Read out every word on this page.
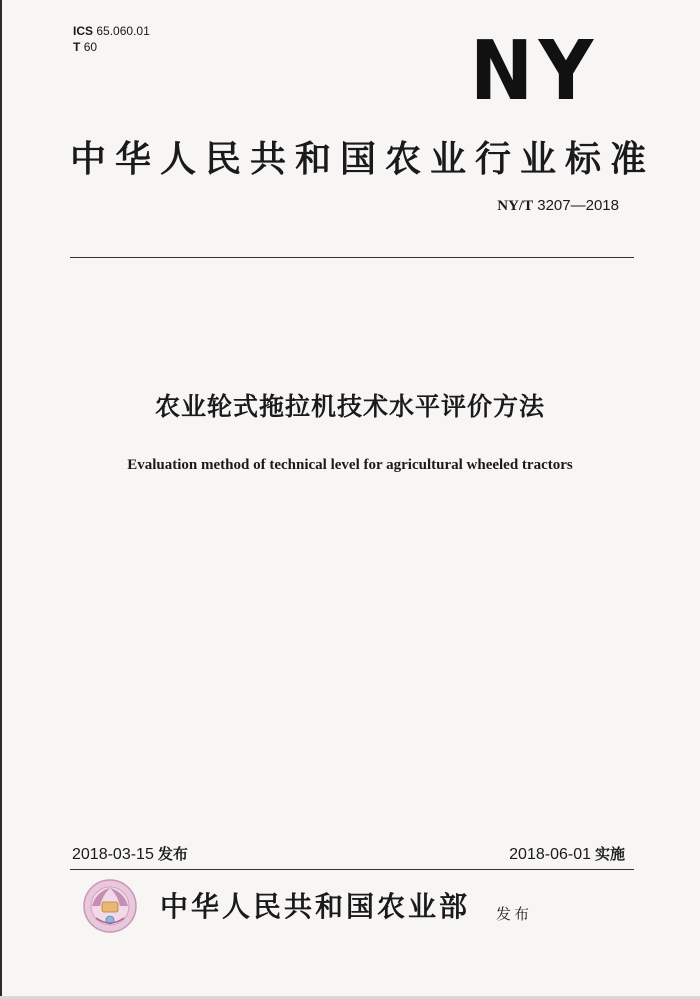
ICS 65.060.01
T 60	NY
中华人民共和国农业行业标准
NY/T 3207—2018
农业轮式拖拉机技术水平评价方法
Evaluation method of technical level for agricultural wheeled tractors
2018-03-15 发布	2018-06-01 实施
中华人民共和国农业部 发布
